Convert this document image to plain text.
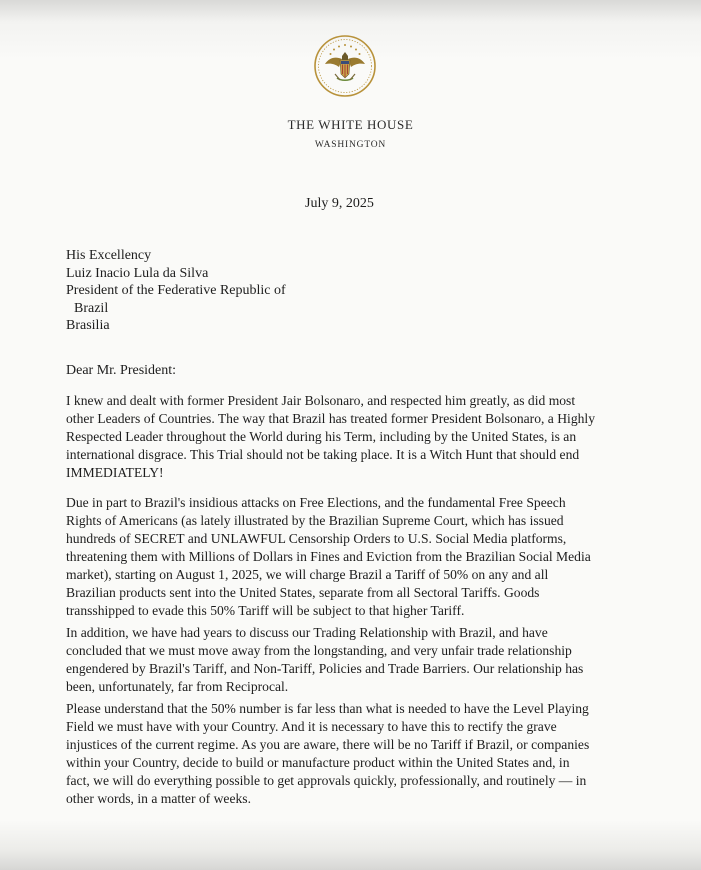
THE WHITE HOUSE
WASHINGTON
July 9, 2025
His Excellency
Luiz Inacio Lula da Silva
President of the Federative Republic of
Brazil
Brasilia
Dear Mr. President:
I knew and dealt with former President Jair Bolsonaro, and respected him greatly, as did most
other Leaders of Countries. The way that Brazil has treated former President Bolsonaro, a Highly
Respected Leader throughout the World during his Term, including by the United States, is an
international disgrace. This Trial should not be taking place. It is a Witch Hunt that should end
IMMEDIATELY!
Due in part to Brazil's insidious attacks on Free Elections, and the fundamental Free Speech
Rights of Americans (as lately illustrated by the Brazilian Supreme Court, which has issued
hundreds of SECRET and UNLAWFUL Censorship Orders to U.S. Social Media platforms,
threatening them with Millions of Dollars in Fines and Eviction from the Brazilian Social Media
market), starting on August 1, 2025, we will charge Brazil a Tariff of 50% on any and all
Brazilian products sent into the United States, separate from all Sectoral Tariffs. Goods
transshipped to evade this 50% Tariff will be subject to that higher Tariff.
In addition, we have had years to discuss our Trading Relationship with Brazil, and have
concluded that we must move away from the longstanding, and very unfair trade relationship
engendered by Brazil's Tariff, and Non-Tariff, Policies and Trade Barriers. Our relationship has
been, unfortunately, far from Reciprocal.
Please understand that the 50% number is far less than what is needed to have the Level Playing
Field we must have with your Country. And it is necessary to have this to rectify the grave
injustices of the current regime. As you are aware, there will be no Tariff if Brazil, or companies
within your Country, decide to build or manufacture product within the United States and, in
fact, we will do everything possible to get approvals quickly, professionally, and routinely — in
other words, in a matter of weeks.
